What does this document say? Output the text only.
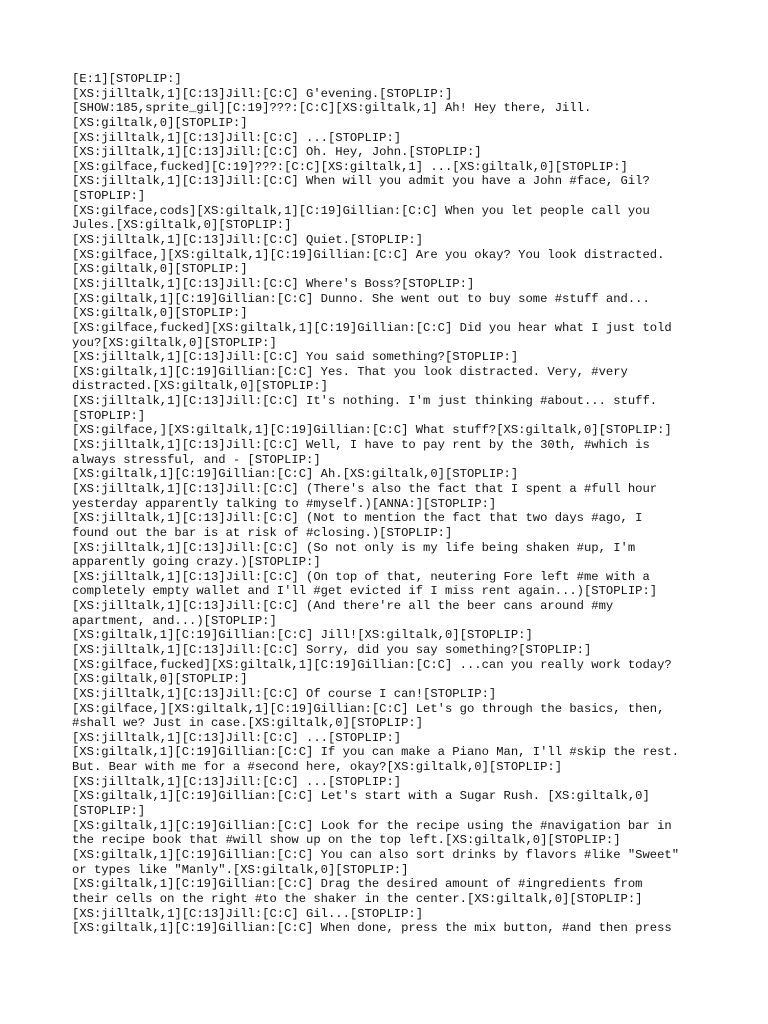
[E:1][STOPLIP:]
[XS:jilltalk,1][C:13]Jill:[C:C] G'evening.[STOPLIP:]
[SHOW:185,sprite_gil][C:19]???:[C:C][XS:giltalk,1] Ah! Hey there, Jill.
[XS:giltalk,0][STOPLIP:]
[XS:jilltalk,1][C:13]Jill:[C:C] ...[STOPLIP:]
[XS:jilltalk,1][C:13]Jill:[C:C] Oh. Hey, John.[STOPLIP:]
[XS:gilface,fucked][C:19]???:[C:C][XS:giltalk,1] ...[XS:giltalk,0][STOPLIP:]
[XS:jilltalk,1][C:13]Jill:[C:C] When will you admit you have a John #face, Gil?
[STOPLIP:]
[XS:gilface,cods][XS:giltalk,1][C:19]Gillian:[C:C] When you let people call you
Jules.[XS:giltalk,0][STOPLIP:]
[XS:jilltalk,1][C:13]Jill:[C:C] Quiet.[STOPLIP:]
[XS:gilface,][XS:giltalk,1][C:19]Gillian:[C:C] Are you okay? You look distracted.
[XS:giltalk,0][STOPLIP:]
[XS:jilltalk,1][C:13]Jill:[C:C] Where's Boss?[STOPLIP:]
[XS:giltalk,1][C:19]Gillian:[C:C] Dunno. She went out to buy some #stuff and...
[XS:giltalk,0][STOPLIP:]
[XS:gilface,fucked][XS:giltalk,1][C:19]Gillian:[C:C] Did you hear what I just told
you?[XS:giltalk,0][STOPLIP:]
[XS:jilltalk,1][C:13]Jill:[C:C] You said something?[STOPLIP:]
[XS:giltalk,1][C:19]Gillian:[C:C] Yes. That you look distracted. Very, #very
distracted.[XS:giltalk,0][STOPLIP:]
[XS:jilltalk,1][C:13]Jill:[C:C] It's nothing. I'm just thinking #about... stuff.
[STOPLIP:]
[XS:gilface,][XS:giltalk,1][C:19]Gillian:[C:C] What stuff?[XS:giltalk,0][STOPLIP:]
[XS:jilltalk,1][C:13]Jill:[C:C] Well, I have to pay rent by the 30th, #which is
always stressful, and - [STOPLIP:]
[XS:giltalk,1][C:19]Gillian:[C:C] Ah.[XS:giltalk,0][STOPLIP:]
[XS:jilltalk,1][C:13]Jill:[C:C] (There's also the fact that I spent a #full hour
yesterday apparently talking to #myself.)[ANNA:][STOPLIP:]
[XS:jilltalk,1][C:13]Jill:[C:C] (Not to mention the fact that two days #ago, I
found out the bar is at risk of #closing.)[STOPLIP:]
[XS:jilltalk,1][C:13]Jill:[C:C] (So not only is my life being shaken #up, I'm
apparently going crazy.)[STOPLIP:]
[XS:jilltalk,1][C:13]Jill:[C:C] (On top of that, neutering Fore left #me with a
completely empty wallet and I'll #get evicted if I miss rent again...)[STOPLIP:]
[XS:jilltalk,1][C:13]Jill:[C:C] (And there're all the beer cans around #my
apartment, and...)[STOPLIP:]
[XS:giltalk,1][C:19]Gillian:[C:C] Jill![XS:giltalk,0][STOPLIP:]
[XS:jilltalk,1][C:13]Jill:[C:C] Sorry, did you say something?[STOPLIP:]
[XS:gilface,fucked][XS:giltalk,1][C:19]Gillian:[C:C] ...can you really work today?
[XS:giltalk,0][STOPLIP:]
[XS:jilltalk,1][C:13]Jill:[C:C] Of course I can![STOPLIP:]
[XS:gilface,][XS:giltalk,1][C:19]Gillian:[C:C] Let's go through the basics, then,
#shall we? Just in case.[XS:giltalk,0][STOPLIP:]
[XS:jilltalk,1][C:13]Jill:[C:C] ...[STOPLIP:]
[XS:giltalk,1][C:19]Gillian:[C:C] If you can make a Piano Man, I'll #skip the rest.
But. Bear with me for a #second here, okay?[XS:giltalk,0][STOPLIP:]
[XS:jilltalk,1][C:13]Jill:[C:C] ...[STOPLIP:]
[XS:giltalk,1][C:19]Gillian:[C:C] Let's start with a Sugar Rush. [XS:giltalk,0]
[STOPLIP:]
[XS:giltalk,1][C:19]Gillian:[C:C] Look for the recipe using the #navigation bar in
the recipe book that #will show up on the top left.[XS:giltalk,0][STOPLIP:]
[XS:giltalk,1][C:19]Gillian:[C:C] You can also sort drinks by flavors #like "Sweet"
or types like "Manly".[XS:giltalk,0][STOPLIP:]
[XS:giltalk,1][C:19]Gillian:[C:C] Drag the desired amount of #ingredients from
their cells on the right #to the shaker in the center.[XS:giltalk,0][STOPLIP:]
[XS:jilltalk,1][C:13]Jill:[C:C] Gil...[STOPLIP:]
[XS:giltalk,1][C:19]Gillian:[C:C] When done, press the mix button, #and then press
